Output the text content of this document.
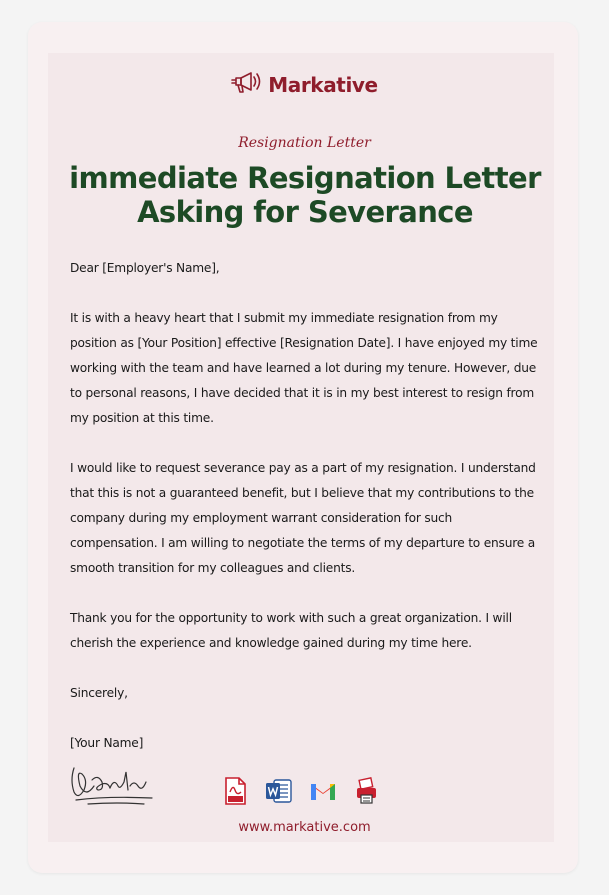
Markative
Resignation Letter
immediate Resignation Letter
Asking for Severance

Dear [Employer's Name],

It is with a heavy heart that I submit my immediate resignation from my position as [Your Position] effective [Resignation Date]. I have enjoyed my time working with the team and have learned a lot during my tenure. However, due to personal reasons, I have decided that it is in my best interest to resign from my position at this time.

I would like to request severance pay as a part of my resignation. I understand that this is not a guaranteed benefit, but I believe that my contributions to the company during my employment warrant consideration for such compensation. I am willing to negotiate the terms of my departure to ensure a smooth transition for my colleagues and clients.

Thank you for the opportunity to work with such a great organization. I will cherish the experience and knowledge gained during my time here.

Sincerely,

[Your Name]

www.markative.com
